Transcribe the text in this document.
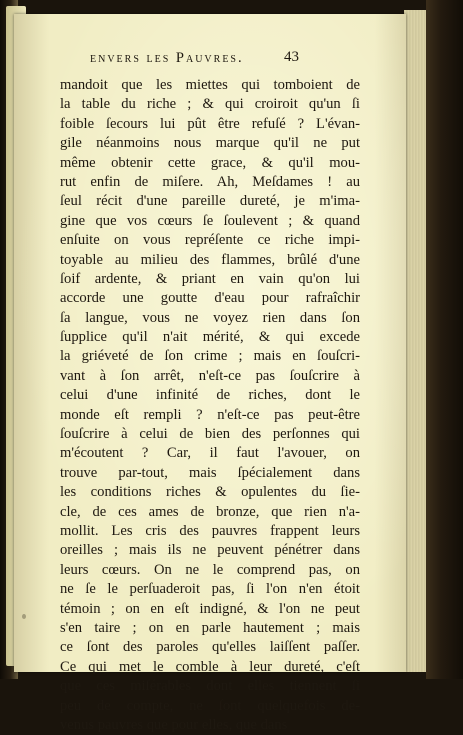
envers les Pauvres.	43
mandoit que les miettes qui tomboient de
la table du riche ; & qui croiroit qu'un ſi
foible ſecours lui pût être refuſé ? L'évan-
gile néanmoins nous marque qu'il ne put
même obtenir cette grace, & qu'il mou-
rut enfin de miſere. Ah, Meſdames ! au
ſeul récit d'une pareille dureté, je m'ima-
gine que vos cœurs ſe ſoulevent ; & quand
enſuite on vous repréſente ce riche impi-
toyable au milieu des flammes, brûlé d'une
ſoif ardente, & priant en vain qu'on lui
accorde une goutte d'eau pour rafraîchir
ſa langue, vous ne voyez rien dans ſon
ſupplice qu'il n'ait mérité, & qui excede
la griéveté de ſon crime ; mais en ſouſcri-
vant à ſon arrêt, n'eſt-ce pas ſouſcrire à
celui d'une infinité de riches, dont le
monde eſt rempli ? n'eſt-ce pas peut-être
ſouſcrire à celui de bien des perſonnes qui
m'écoutent ? Car, il faut l'avouer, on
trouve par-tout, mais ſpécialement dans
les conditions riches & opulentes du ſie-
cle, de ces ames de bronze, que rien n'a-
mollit. Les cris des pauvres frappent leurs
oreilles ; mais ils ne peuvent pénétrer dans
leurs cœurs. On ne le comprend pas, on
ne ſe le perſuaderoit pas, ſi l'on n'en étoit
témoin ; on en eſt indigné, & l'on ne peut
s'en taire ; on en parle hautement ; mais
ce ſont des paroles qu'elles laiſſent paſſer.
Ce qui met le comble à leur dureté, c'eſt
que ces miſérables dont elles tiennent ſi
peu de compte, ne ſont quelquefois de-
venus pauvres que pour elles, que dans
